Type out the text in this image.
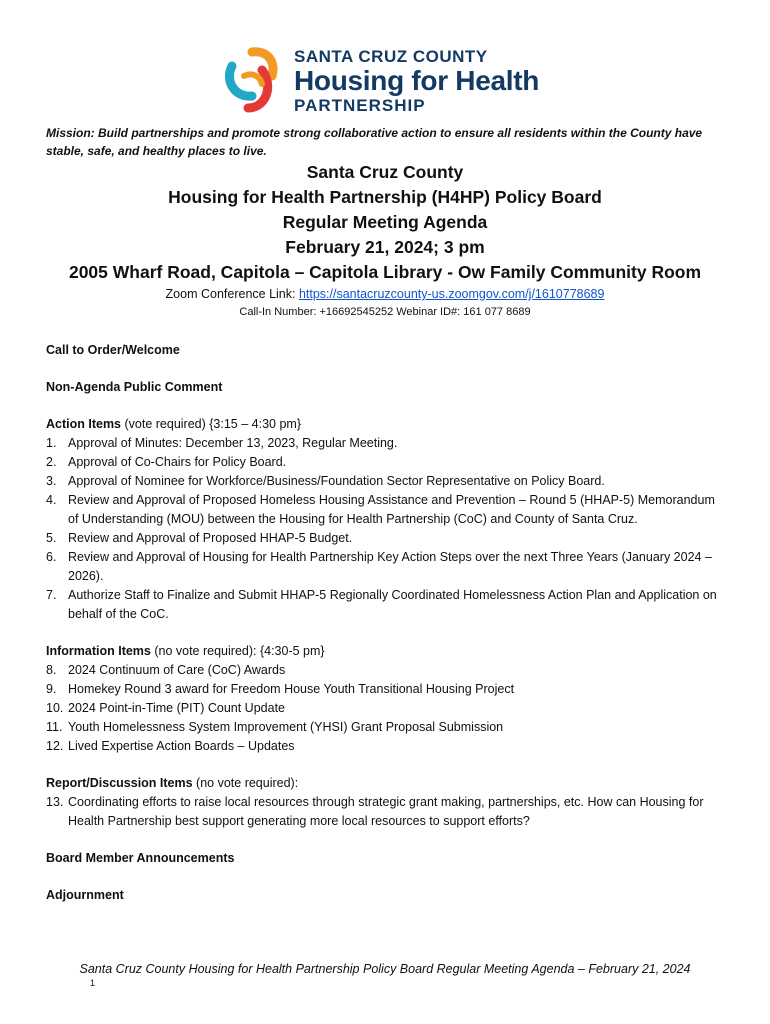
SANTA CRUZ COUNTY
Housing for Health
PARTNERSHIP
Mission: Build partnerships and promote strong collaborative action to ensure all residents within the County have stable, safe, and healthy places to live.
Santa Cruz County
Housing for Health Partnership (H4HP) Policy Board
Regular Meeting Agenda
February 21, 2024; 3 pm
2005 Wharf Road, Capitola – Capitola Library - Ow Family Community Room
Zoom Conference Link: https://santacruzcounty-us.zoomgov.com/j/1610778689
Call-In Number: +16692545252 Webinar ID#: 161 077 8689
Call to Order/Welcome
Non-Agenda Public Comment
Action Items (vote required) {3:15 – 4:30 pm}
1. Approval of Minutes: December 13, 2023, Regular Meeting.
2. Approval of Co-Chairs for Policy Board.
3. Approval of Nominee for Workforce/Business/Foundation Sector Representative on Policy Board.
4. Review and Approval of Proposed Homeless Housing Assistance and Prevention – Round 5 (HHAP-5) Memorandum of Understanding (MOU) between the Housing for Health Partnership (CoC) and County of Santa Cruz.
5. Review and Approval of Proposed HHAP-5 Budget.
6. Review and Approval of Housing for Health Partnership Key Action Steps over the next Three Years (January 2024 – 2026).
7. Authorize Staff to Finalize and Submit HHAP-5 Regionally Coordinated Homelessness Action Plan and Application on behalf of the CoC.
Information Items (no vote required): {4:30-5 pm}
8. 2024 Continuum of Care (CoC) Awards
9. Homekey Round 3 award for Freedom House Youth Transitional Housing Project
10. 2024 Point-in-Time (PIT) Count Update
11. Youth Homelessness System Improvement (YHSI) Grant Proposal Submission
12. Lived Expertise Action Boards – Updates
Report/Discussion Items (no vote required):
13. Coordinating efforts to raise local resources through strategic grant making, partnerships, etc. How can Housing for Health Partnership best support generating more local resources to support efforts?
Board Member Announcements
Adjournment
Santa Cruz County Housing for Health Partnership Policy Board Regular Meeting Agenda – February 21, 2024
1
